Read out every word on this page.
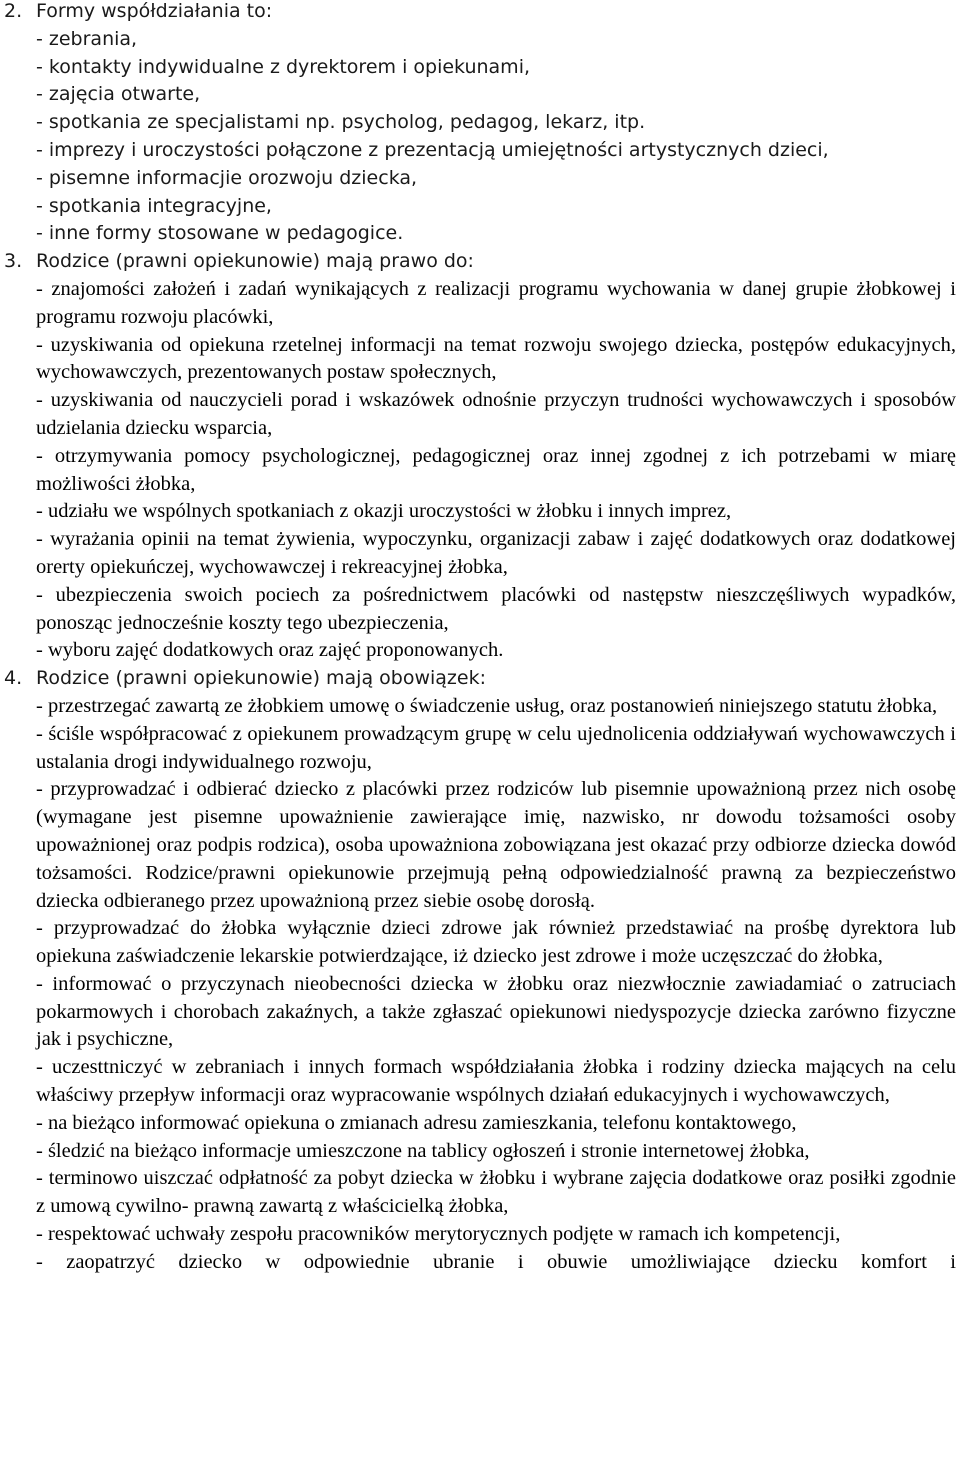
2. Formy współdziałania to:
- zebrania,
- kontakty indywidualne z dyrektorem i opiekunami,
- zajęcia otwarte,
- spotkania ze specjalistami np. psycholog, pedagog, lekarz, itp.
- imprezy i uroczystości połączone z prezentacją umiejętności artystycznych dzieci,
- pisemne informacjie orozwoju dziecka,
- spotkania integracyjne,
- inne formy stosowane w pedagogice.
3. Rodzice (prawni opiekunowie) mają prawo do:
- znajomości założeń i zadań wynikających z realizacji programu wychowania w danej grupie żłobkowej i programu rozwoju placówki,
- uzyskiwania od opiekuna rzetelnej informacji na temat rozwoju swojego dziecka, postępów edukacyjnych, wychowawczych, prezentowanych postaw społecznych,
- uzyskiwania od nauczycieli porad i wskazówek odnośnie przyczyn trudności wychowawczych i sposobów udzielania dziecku wsparcia,
- otrzymywania pomocy psychologicznej, pedagogicznej oraz innej zgodnej z ich potrzebami w miarę możliwości żłobka,
- udziału we wspólnych spotkaniach z okazji uroczystości w żłobku i innych imprez,
- wyrażania opinii na temat żywienia, wypoczynku, organizacji zabaw i zajęć dodatkowych oraz dodatkowej orerty opiekuńczej, wychowawczej i rekreacyjnej żłobka,
- ubezpieczenia swoich pociech za pośrednictwem placówki od następstw nieszczęśliwych wypadków, ponosząc jednocześnie koszty tego ubezpieczenia,
- wyboru zajęć dodatkowych oraz zajęć proponowanych.
4. Rodzice (prawni opiekunowie) mają obowiązek:
- przestrzegać zawartą ze żłobkiem umowę o świadczenie usług, oraz postanowień niniejszego statutu żłobka,
- ściśle współpracować z opiekunem prowadzącym grupę w celu ujednolicenia oddziaływań wychowawczych i ustalania drogi indywidualnego rozwoju,
- przyprowadzać i odbierać dziecko z placówki przez rodziców lub pisemnie upoważnioną przez nich osobę (wymagane jest pisemne upoważnienie zawierające imię, nazwisko, nr dowodu tożsamości osoby upoważnionej oraz podpis rodzica), osoba upoważniona zobowiązana jest okazać przy odbiorze dziecka dowód tożsamości. Rodzice/prawni opiekunowie przejmują pełną odpowiedzialność prawną za bezpieczeństwo dziecka odbieranego przez upoważnioną przez siebie osobę dorosłą.
- przyprowadzać do żłobka wyłącznie dzieci zdrowe jak również przedstawiać na prośbę dyrektora lub opiekuna zaświadczenie lekarskie potwierdzające, iż dziecko jest zdrowe i może uczęszczać do żłobka,
- informować o przyczynach nieobecności dziecka w żłobku oraz niezwłocznie zawiadamiać o zatruciach pokarmowych i chorobach zakaźnych, a także zgłaszać opiekunowi niedyspozycje dziecka zarówno fizyczne jak i psychiczne,
- uczesttniczyć w zebraniach i innych formach współdziałania żłobka i rodziny dziecka mających na celu właściwy przepływ informacji oraz wypracowanie wspólnych działań edukacyjnych i wychowawczych,
- na bieżąco informować opiekuna o zmianach adresu zamieszkania, telefonu kontaktowego,
- śledzić na bieżąco informacje umieszczone na tablicy ogłoszeń i stronie internetowej żłobka,
- terminowo uiszczać odpłatność za pobyt dziecka w żłobku i wybrane zajęcia dodatkowe oraz posiłki zgodnie z umową cywilno- prawną zawartą z właścicielką żłobka,
- respektować uchwały zespołu pracowników merytorycznych podjęte w ramach ich kompetencji,
- zaopatrzyć dziecko w odpowiednie ubranie i obuwie umożliwiające dziecku komfort i
